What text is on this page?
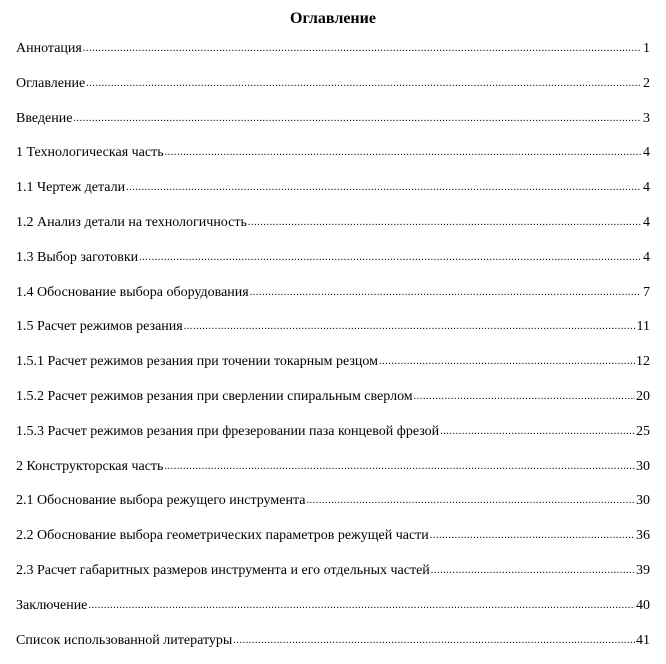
Оглавление
Аннотация .....	1
Оглавление .....	2
Введение .....	3
1 Технологическая часть .....	4
1.1 Чертеж детали .....	4
1.2 Анализ детали на технологичность .....	4
1.3 Выбор заготовки .....	4
1.4 Обоснование выбора оборудования .....	7
1.5 Расчет режимов резания .....	11
1.5.1 Расчет режимов резания при точении токарным резцом .....	12
1.5.2 Расчет режимов резания при сверлении спиральным сверлом .....	20
1.5.3 Расчет режимов резания при фрезеровании паза концевой фрезой .....	25
2 Конструкторская часть .....	30
2.1 Обоснование выбора режущего инструмента .....	30
2.2 Обоснование выбора геометрических параметров режущей части .....	36
2.3 Расчет габаритных размеров инструмента и его отдельных частей .....	39
Заключение .....	40
Список использованной литературы .....	41
